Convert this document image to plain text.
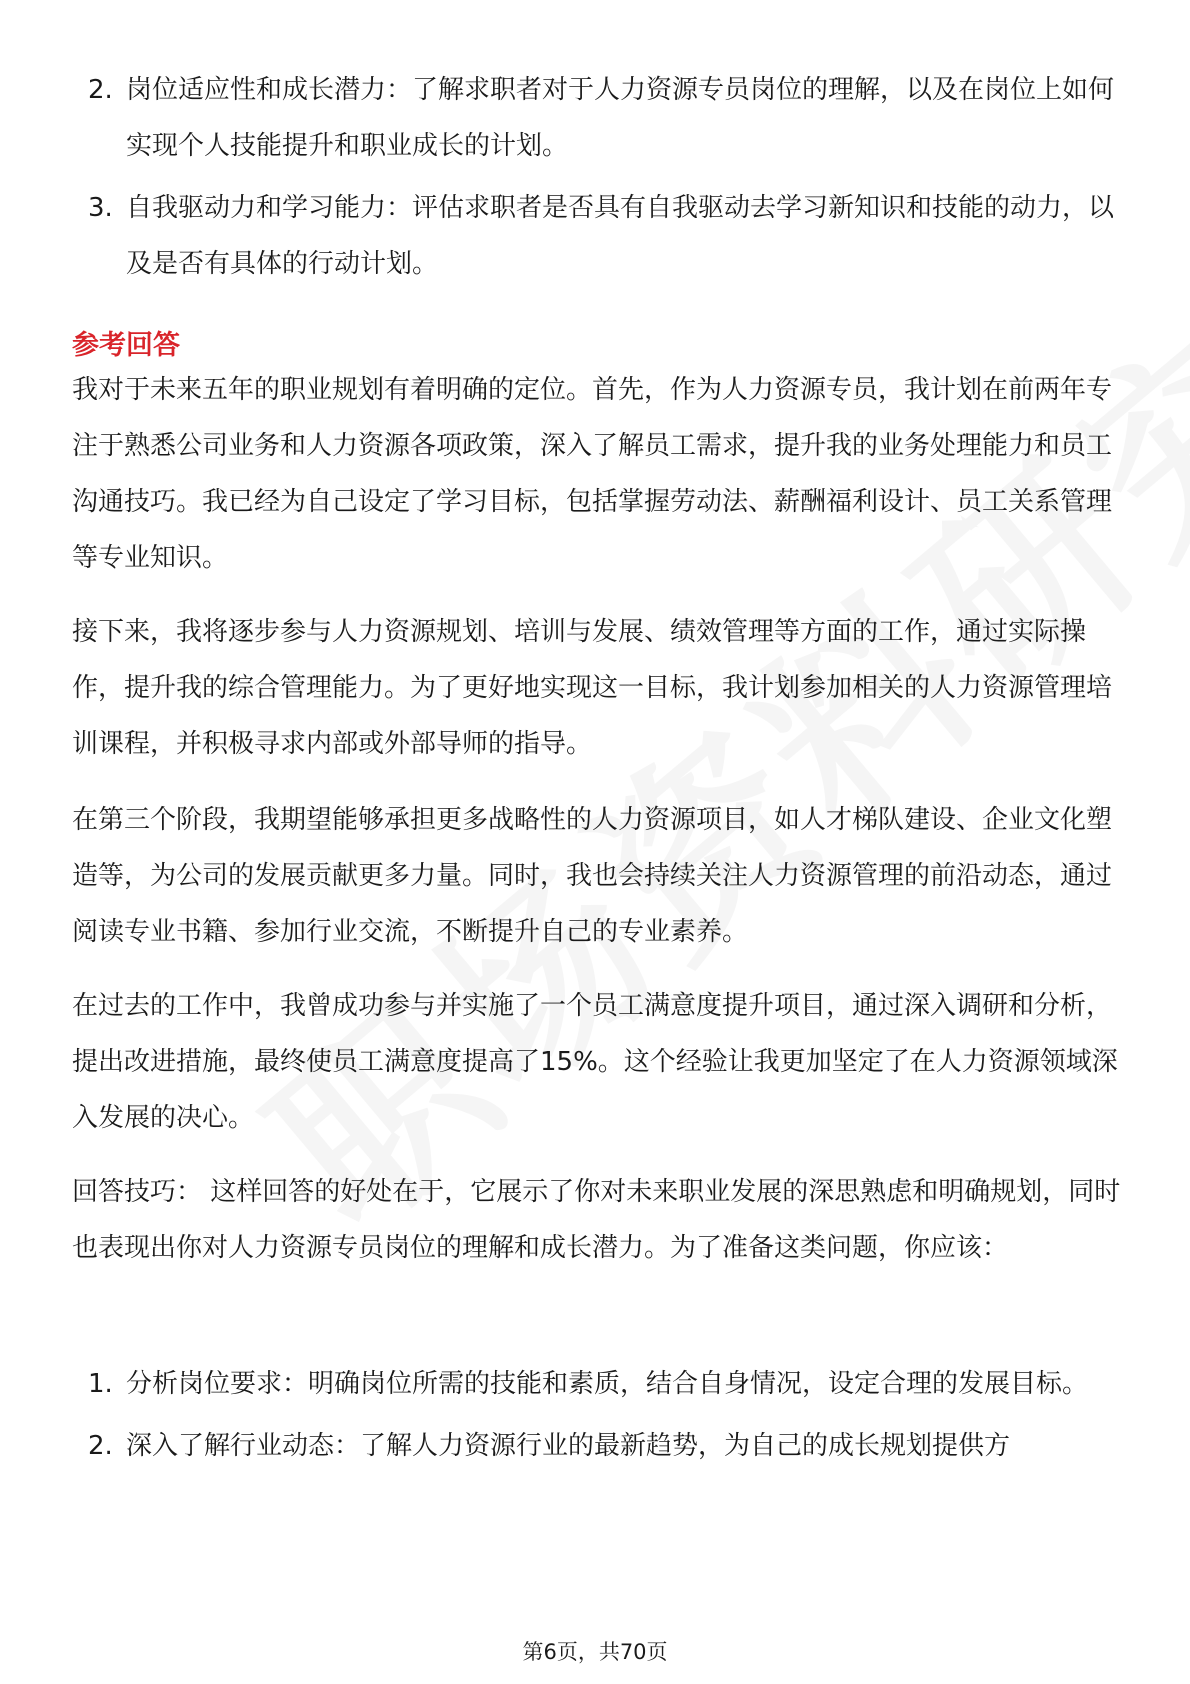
2. 岗位适应性和成长潜力：了解求职者对于人力资源专员岗位的理解，以及在岗位上如何实现个人技能提升和职业成长的计划。
3. 自我驱动力和学习能力：评估求职者是否具有自我驱动去学习新知识和技能的动力，以及是否有具体的行动计划。
参考回答

我对于未来五年的职业规划有着明确的定位。首先，作为人力资源专员，我计划在前两年专注于熟悉公司业务和人力资源各项政策，深入了解员工需求，提升我的业务处理能力和员工沟通技巧。我已经为自己设定了学习目标，包括掌握劳动法、薪酬福利设计、员工关系管理等专业知识。

接下来，我将逐步参与人力资源规划、培训与发展、绩效管理等方面的工作，通过实际操作，提升我的综合管理能力。为了更好地实现这一目标，我计划参加相关的人力资源管理培训课程，并积极寻求内部或外部导师的指导。

在第三个阶段，我期望能够承担更多战略性的人力资源项目，如人才梯队建设、企业文化塑造等，为公司的发展贡献更多力量。同时，我也会持续关注人力资源管理的前沿动态，通过阅读专业书籍、参加行业交流，不断提升自己的专业素养。

在过去的工作中，我曾成功参与并实施了一个员工满意度提升项目，通过深入调研和分析，提出改进措施，最终使员工满意度提高了15%。这个经验让我更加坚定了在人力资源领域深入发展的决心。

回答技巧： 这样回答的好处在于，它展示了你对未来职业发展的深思熟虑和明确规划，同时也表现出你对人力资源专员岗位的理解和成长潜力。为了准备这类问题，你应该：

1. 分析岗位要求：明确岗位所需的技能和素质，结合自身情况，设定合理的发展目标。
2. 深入了解行业动态：了解人力资源行业的最新趋势，为自己的成长规划提供方
第6页，共70页
